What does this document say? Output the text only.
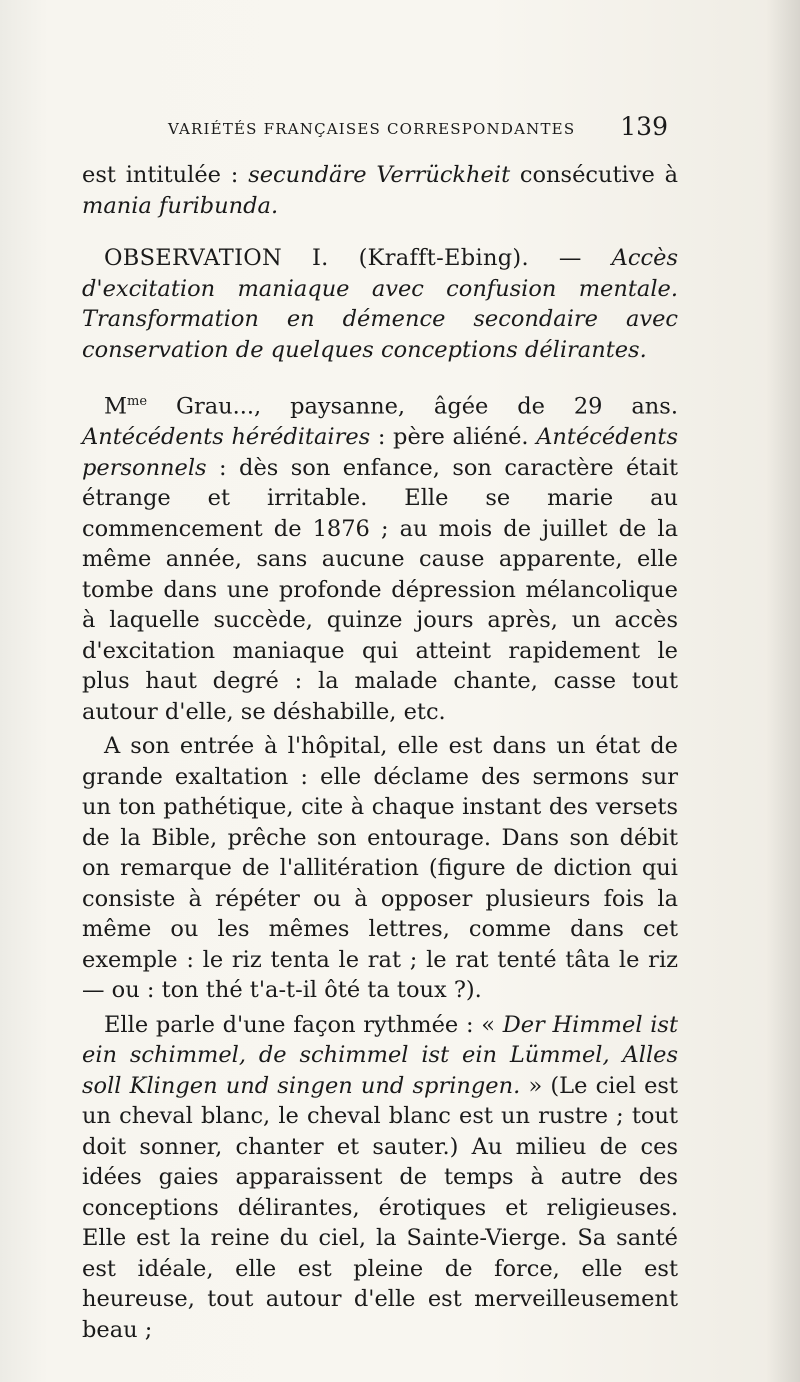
VARIÉTÉS FRANÇAISES CORRESPONDANTES 139

est intitulée : secundäre Verrückheit consécutive à mania furibunda.

OBSERVATION I. (Krafft-Ebing). — Accès d'excitation maniaque avec confusion mentale. Transformation en démence secondaire avec conservation de quelques conceptions délirantes.

$M^{me}$ Grau..., paysanne, âgée de 29 ans. Antécédents héréditaires : père aliéné. Antécédents personnels : dès son enfance, son caractère était étrange et irritable. Elle se marie au commencement de 1876 ; au mois de juillet de la même année, sans aucune cause apparente, elle tombe dans une profonde dépression mélancolique à laquelle succède, quinze jours après, un accès d'excitation maniaque qui atteint rapidement le plus haut degré : la malade chante, casse tout autour d'elle, se déshabille, etc.

A son entrée à l'hôpital, elle est dans un état de grande exaltation : elle déclame des sermons sur un ton pathétique, cite à chaque instant des versets de la Bible, prêche son entourage. Dans son débit on remarque de l'allitération (figure de diction qui consiste à répéter ou à opposer plusieurs fois la même ou les mêmes lettres, comme dans cet exemple : le riz tenta le rat ; le rat tenté tâta le riz — ou : ton thé t'a-t-il ôté ta toux ?).

Elle parle d'une façon rythmée : « Der Himmel ist ein schimmel, de schimmel ist ein Lümmel, Alles soll Klingen und singen und springen. » (Le ciel est un cheval blanc, le cheval blanc est un rustre ; tout doit sonner, chanter et sauter.) Au milieu de ces idées gaies apparaissent de temps à autre des conceptions délirantes, érotiques et religieuses. Elle est la reine du ciel, la Sainte-Vierge. Sa santé est idéale, elle est pleine de force, elle est heureuse, tout autour d'elle est merveilleusement beau ;
